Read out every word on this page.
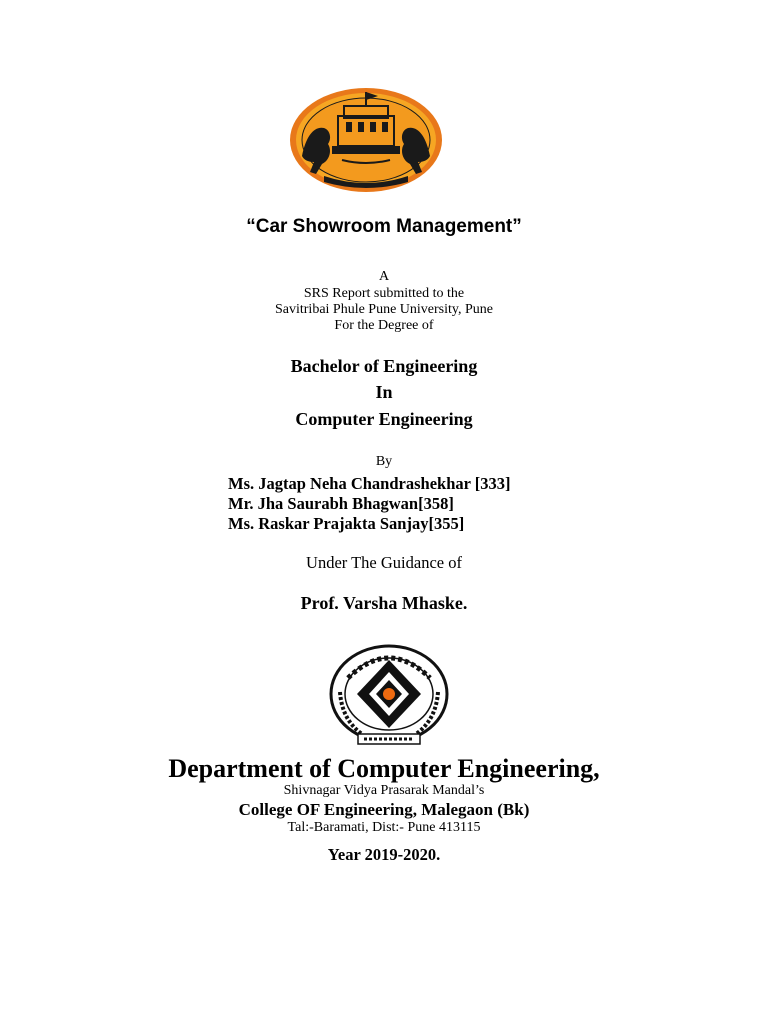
“Car Showroom Management”
A
SRS Report submitted to the
Savitribai Phule Pune University, Pune
For the Degree of
Bachelor of Engineering
In
Computer Engineering
By
Ms. Jagtap Neha Chandrashekhar [333]
Mr. Jha Saurabh Bhagwan[358]
Ms. Raskar Prajakta Sanjay[355]
Under The Guidance of
Prof. Varsha Mhaske.
Department of Computer Engineering,
Shivnagar Vidya Prasarak Mandal’s
College OF Engineering, Malegaon (Bk)
Tal:-Baramati, Dist:- Pune 413115
Year 2019-2020.
